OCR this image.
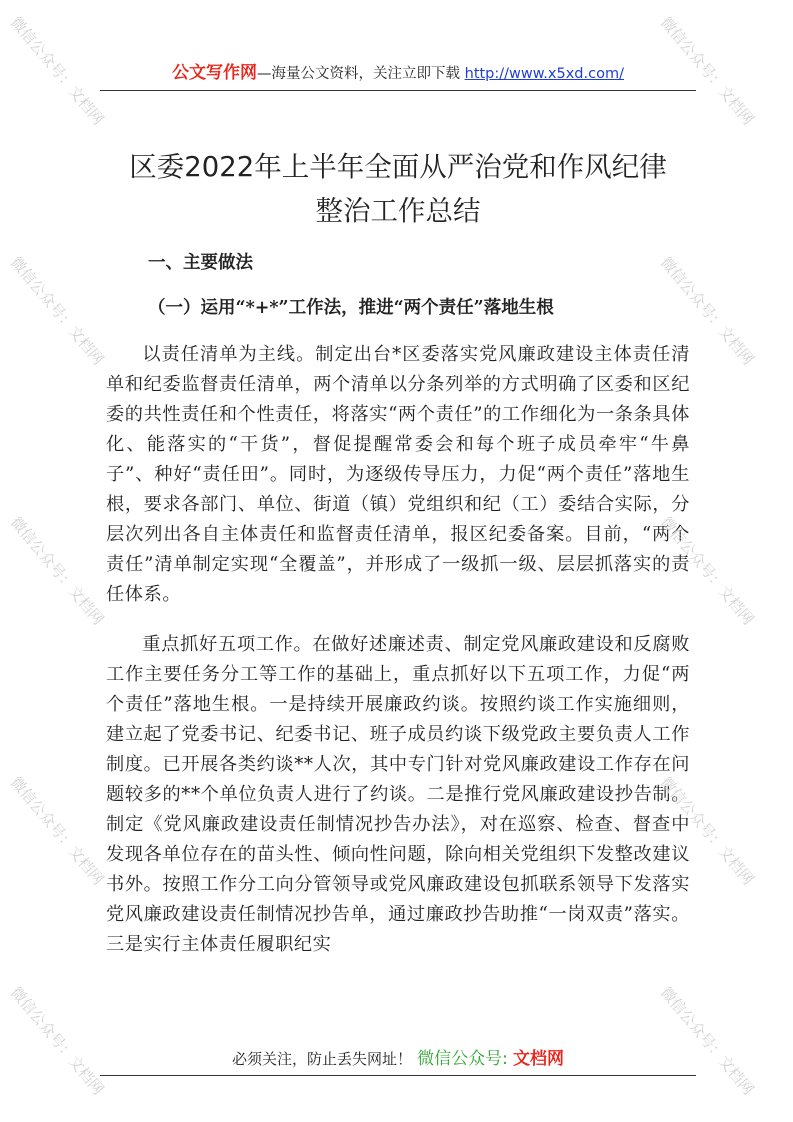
公文写作网—海量公文资料，关注立即下载 http://www.x5xd.com/
区委2022年上半年全面从严治党和作风纪律
整治工作总结
一、主要做法
（一）运用“*+*”工作法，推进“两个责任”落地生根

以责任清单为主线。制定出台*区委落实党风廉政建设主体责任清单和纪委监督责任清单，两个清单以分条列举的方式明确了区委和区纪委的共性责任和个性责任，将落实“两个责任”的工作细化为一条条具体化、能落实的“干货”，督促提醒常委会和每个班子成员牵牢“牛鼻子”、种好“责任田”。同时，为逐级传导压力，力促“两个责任”落地生根，要求各部门、单位、街道（镇）党组织和纪（工）委结合实际，分层次列出各自主体责任和监督责任清单，报区纪委备案。目前，“两个责任”清单制定实现“全覆盖”，并形成了一级抓一级、层层抓落实的责任体系。

重点抓好五项工作。在做好述廉述责、制定党风廉政建设和反腐败工作主要任务分工等工作的基础上，重点抓好以下五项工作，力促“两个责任”落地生根。一是持续开展廉政约谈。按照约谈工作实施细则，建立起了党委书记、纪委书记、班子成员约谈下级党政主要负责人工作制度。已开展各类约谈**人次，其中专门针对党风廉政建设工作存在问题较多的**个单位负责人进行了约谈。二是推行党风廉政建设抄告制。制定《党风廉政建设责任制情况抄告办法》，对在巡察、检查、督查中发现各单位存在的苗头性、倾向性问题，除向相关党组织下发整改建议书外。按照工作分工向分管领导或党风廉政建设包抓联系领导下发落实党风廉政建设责任制情况抄告单，通过廉政抄告助推“一岗双责”落实。三是实行主体责任履职纪实

必须关注，防止丢失网址！ 微信公众号: 文档网
微信公众号：文档网	微信公众号：文档网
微信公众号：文档网	微信公众号：文档网
微信公众号：文档网	微信公众号：文档网
微信公众号：文档网	微信公众号：文档网
微信公众号：文档网	微信公众号：文档网
